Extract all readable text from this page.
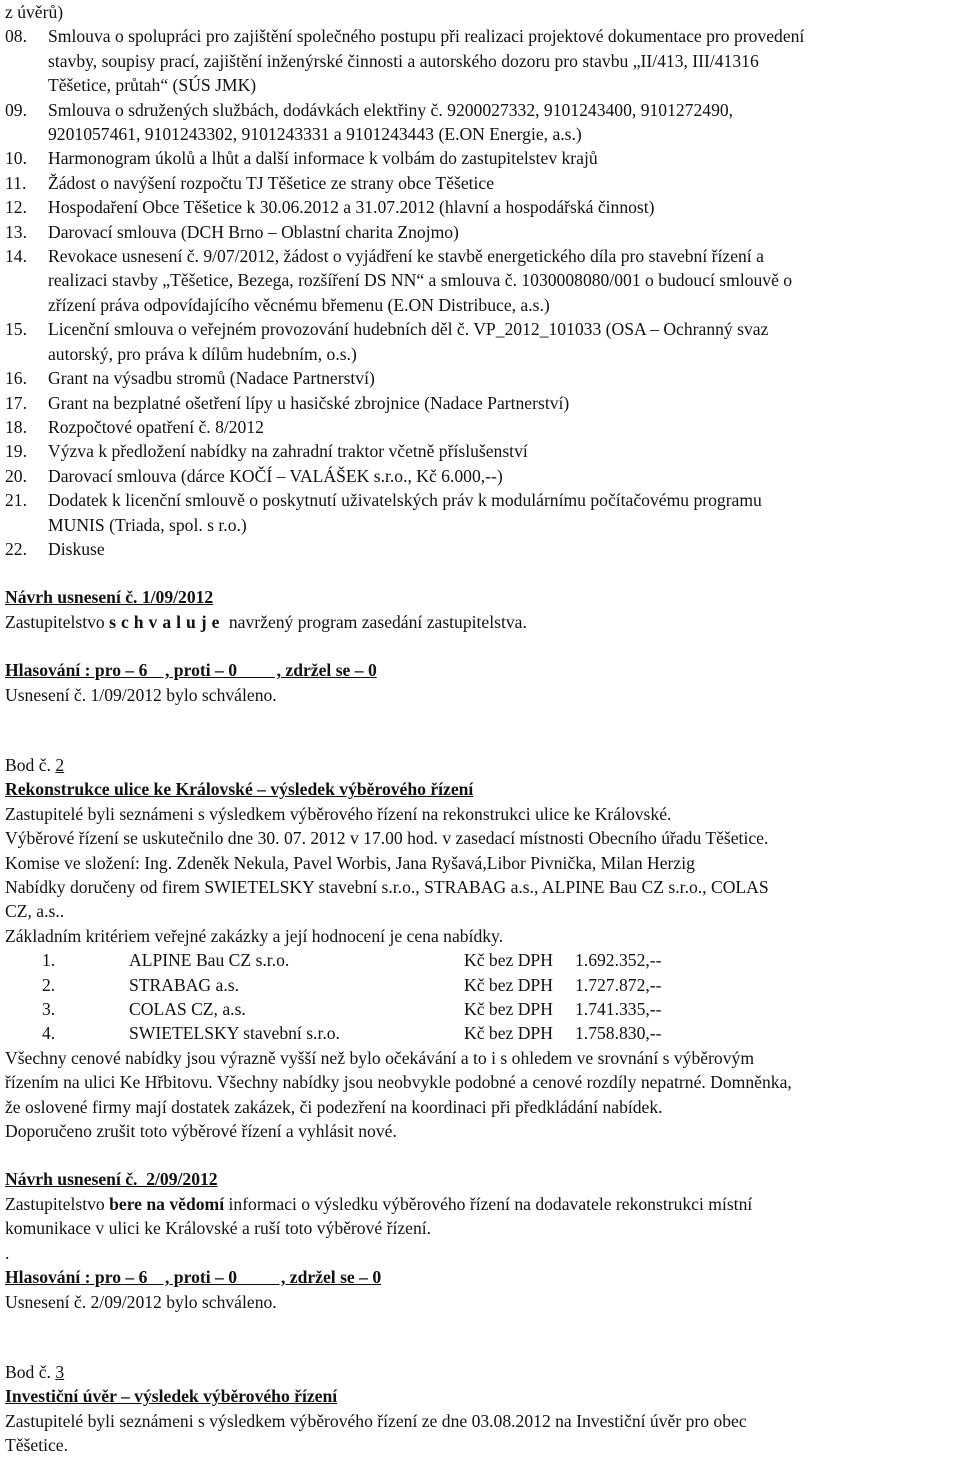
z úvěrů)
08.	Smlouva o spolupráci pro zajištění společného postupu při realizaci projektové dokumentace pro provedení
stavby, soupisy prací, zajištění inženýrské činnosti a autorského dozoru pro stavbu „II/413, III/41316
Těšetice, průtah“ (SÚS JMK)
09.	Smlouva o sdružených službách, dodávkách elektřiny č. 9200027332, 9101243400, 9101272490,
9201057461, 9101243302, 9101243331 a 9101243443 (E.ON Energie, a.s.)
10.	Harmonogram úkolů a lhůt a další informace k volbám do zastupitelstev krajů
11.	Žádost o navýšení rozpočtu TJ Těšetice ze strany obce Těšetice
12.	Hospodaření Obce Těšetice k 30.06.2012 a 31.07.2012 (hlavní a hospodářská činnost)
13.	Darovací smlouva (DCH Brno – Oblastní charita Znojmo)
14.	Revokace usnesení č. 9/07/2012, žádost o vyjádření ke stavbě energetického díla pro stavební řízení a
realizaci stavby „Těšetice, Bezega, rozšíření DS NN“ a smlouva č. 1030008080/001 o budoucí smlouvě o
zřízení práva odpovídajícího věcnému břemenu (E.ON Distribuce, a.s.)
15.	Licenční smlouva o veřejném provozování hudebních děl č. VP_2012_101033 (OSA – Ochranný svaz
autorský, pro práva k dílům hudebním, o.s.)
16.	Grant na výsadbu stromů (Nadace Partnerství)
17.	Grant na bezplatné ošetření lípy u hasičské zbrojnice (Nadace Partnerství)
18.	Rozpočtové opatření č. 8/2012
19.	Výzva k předložení nabídky na zahradní traktor včetně příslušenství
20.	Darovací smlouva (dárce KOČÍ – VALÁŠEK s.r.o., Kč 6.000,--)
21.	Dodatek k licenční smlouvě o poskytnutí uživatelských práv k modulárnímu počítačovému programu
MUNIS (Triada, spol. s r.o.)
22.	Diskuse
Návrh usnesení č. 1/09/2012
Zastupitelstvo schvaluje navržený program zasedání zastupitelstva.
Hlasování : pro – 6    , proti – 0         , zdržel se – 0
Usnesení č. 1/09/2012 bylo schváleno.
Bod č. 2
Rekonstrukce ulice ke Královské – výsledek výběrového řízení
Zastupitelé byli seznámeni s výsledkem výběrového řízení na rekonstrukci ulice ke Královské.
Výběrové řízení se uskutečnilo dne 30. 07. 2012 v 17.00 hod. v zasedací místnosti Obecního úřadu Těšetice.
Komise ve složení: Ing. Zdeněk Nekula, Pavel Worbis, Jana Ryšavá,Libor Pivnička, Milan Herzig
Nabídky doručeny od firem SWIETELSKY stavební s.r.o., STRABAG a.s., ALPINE Bau CZ s.r.o., COLAS
CZ, a.s..
Základním kritériem veřejné zakázky a její hodnocení je cena nabídky.
1.	ALPINE Bau CZ s.r.o.	Kč bez DPH	1.692.352,--
2.	STRABAG a.s.	Kč bez DPH	1.727.872,--
3.	COLAS CZ, a.s.	Kč bez DPH	1.741.335,--
4.	SWIETELSKY stavební s.r.o.	Kč bez DPH	1.758.830,--
Všechny cenové nabídky jsou výrazně vyšší než bylo očekávání a to i s ohledem ve srovnání s výběrovým
řízením na ulici Ke Hřbitovu. Všechny nabídky jsou neobvykle podobné a cenové rozdíly nepatrné. Domněnka,
že oslovené firmy mají dostatek zakázek, či podezření na koordinaci při předkládání nabídek.
Doporučeno zrušit toto výběrové řízení a vyhlásit nové.
Návrh usnesení č.  2/09/2012
Zastupitelstvo bere na vědomí informaci o výsledku výběrového řízení na dodavatele rekonstrukci místní
komunikace v ulici ke Královské a ruší toto výběrové řízení.
.
Hlasování : pro – 6    , proti – 0          , zdržel se – 0
Usnesení č. 2/09/2012 bylo schváleno.
Bod č. 3
Investiční úvěr – výsledek výběrového řízení
Zastupitelé byli seznámeni s výsledkem výběrového řízení ze dne 03.08.2012 na Investiční úvěr pro obec
Těšetice.
